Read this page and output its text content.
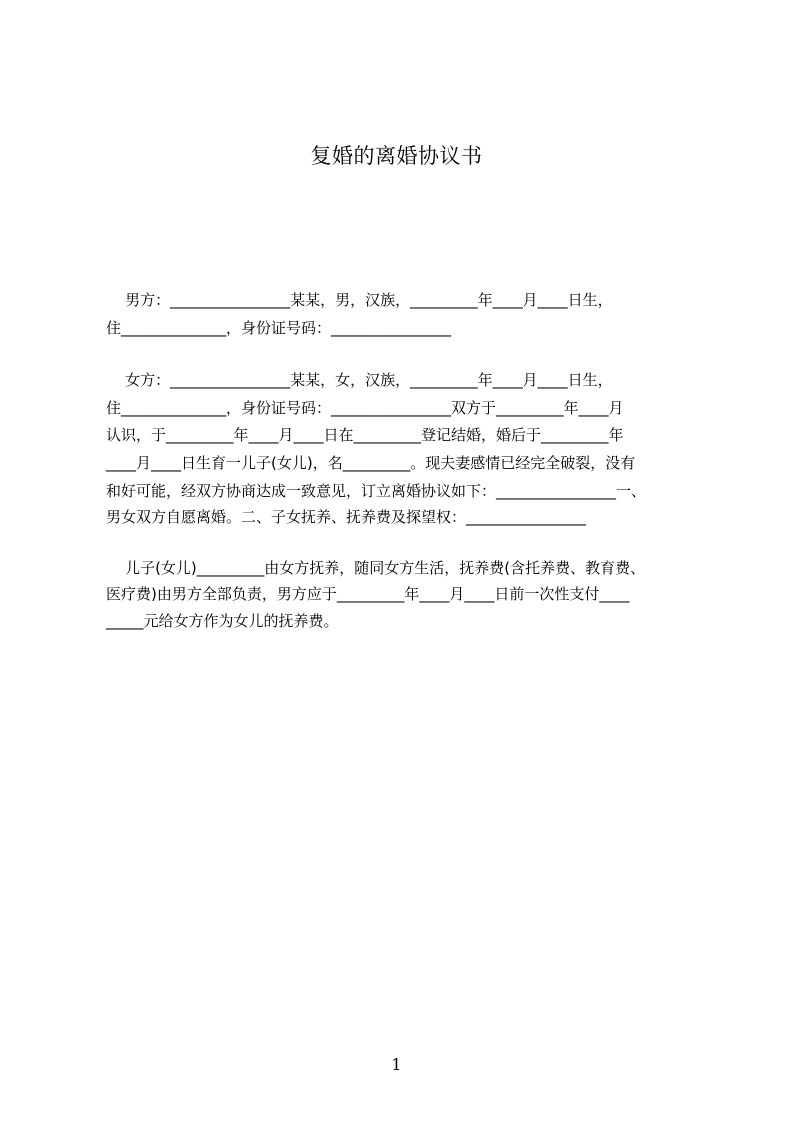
复婚的离婚协议书

男方：________________某某，男，汉族，_________年____月____日生，

住______________，身份证号码：________________

女方：________________某某，女，汉族，_________年____月____日生，

住______________，身份证号码：________________双方于_________年____月

认识，于_________年____月____日在_________登记结婚，婚后于_________年

____月____日生育一儿子(女儿)，名_________。现夫妻感情已经完全破裂，没有

和好可能，经双方协商达成一致意见，订立离婚协议如下：________________一、

男女双方自愿离婚。二、子女抚养、抚养费及探望权：________________

儿子(女儿)_________由女方抚养，随同女方生活，抚养费(含托养费、教育费、

医疗费)由男方全部负责，男方应于_________年____月____日前一次性支付____

_____元给女方作为女儿的抚养费。

1
